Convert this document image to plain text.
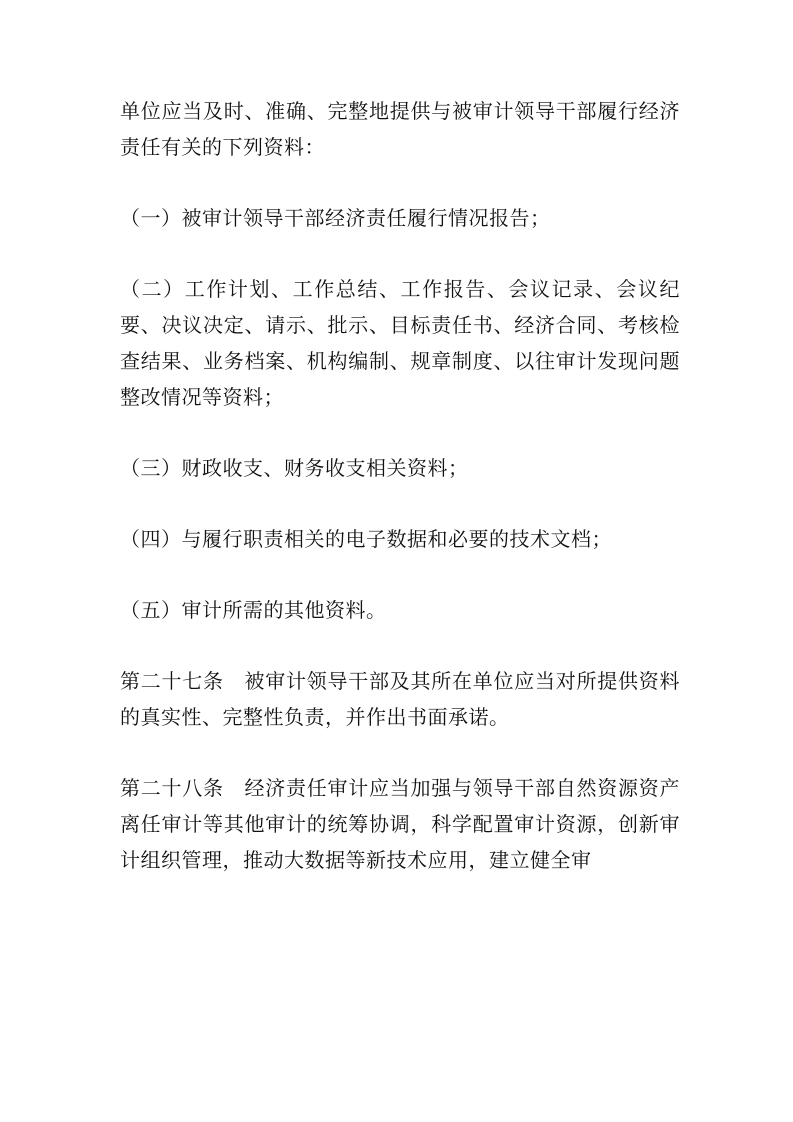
单位应当及时、准确、完整地提供与被审计领导干部履行经济责任有关的下列资料：

（一）被审计领导干部经济责任履行情况报告；

（二）工作计划、工作总结、工作报告、会议记录、会议纪要、决议决定、请示、批示、目标责任书、经济合同、考核检查结果、业务档案、机构编制、规章制度、以往审计发现问题整改情况等资料；

（三）财政收支、财务收支相关资料；

（四）与履行职责相关的电子数据和必要的技术文档；

（五）审计所需的其他资料。

第二十七条　被审计领导干部及其所在单位应当对所提供资料的真实性、完整性负责，并作出书面承诺。

第二十八条　经济责任审计应当加强与领导干部自然资源资产离任审计等其他审计的统筹协调，科学配置审计资源，创新审计组织管理，推动大数据等新技术应用，建立健全审
